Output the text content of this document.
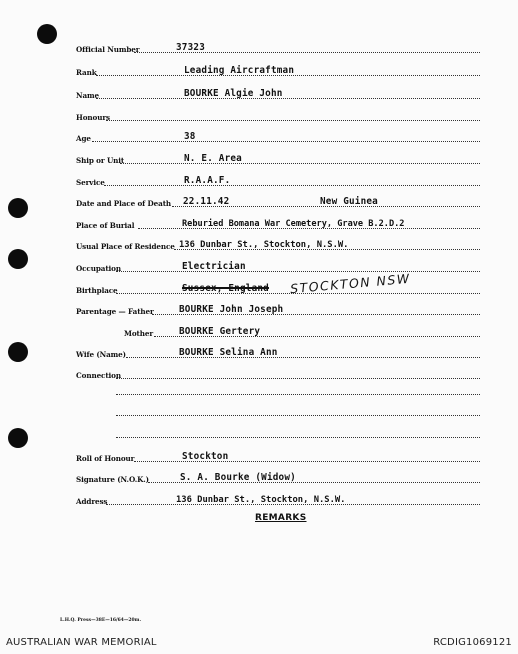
Official Number	37323
Rank	Leading Aircraftman
Name	BOURKE Algie John
Honours
Age	38
Ship or Unit	N. E. Area
Service	R.A.A.F.
Date and Place of Death 22.11.42	New Guinea
Place of Burial	Reburied Bomana War Cemetery, Grave B.2.D.2
Usual Place of Residence 136 Dunbar St., Stockton, N.S.W.
Occupation	Electrician
Birthplace	Sussex, England STOCKTON NSW
Parentage — Father	BOURKE John Joseph
Mother	BOURKE Gertery
Wife (Name)	BOURKE Selina Ann
Connection
Roll of Honour	Stockton
Signature (N.O.K.)	S. A. Bourke (Widow)
Address	136 Dunbar St., Stockton, N.S.W.
REMARKS
L.H.Q. Press—38E—16/64—20m.
AUSTRALIAN WAR MEMORIAL	RCDIG1069121
